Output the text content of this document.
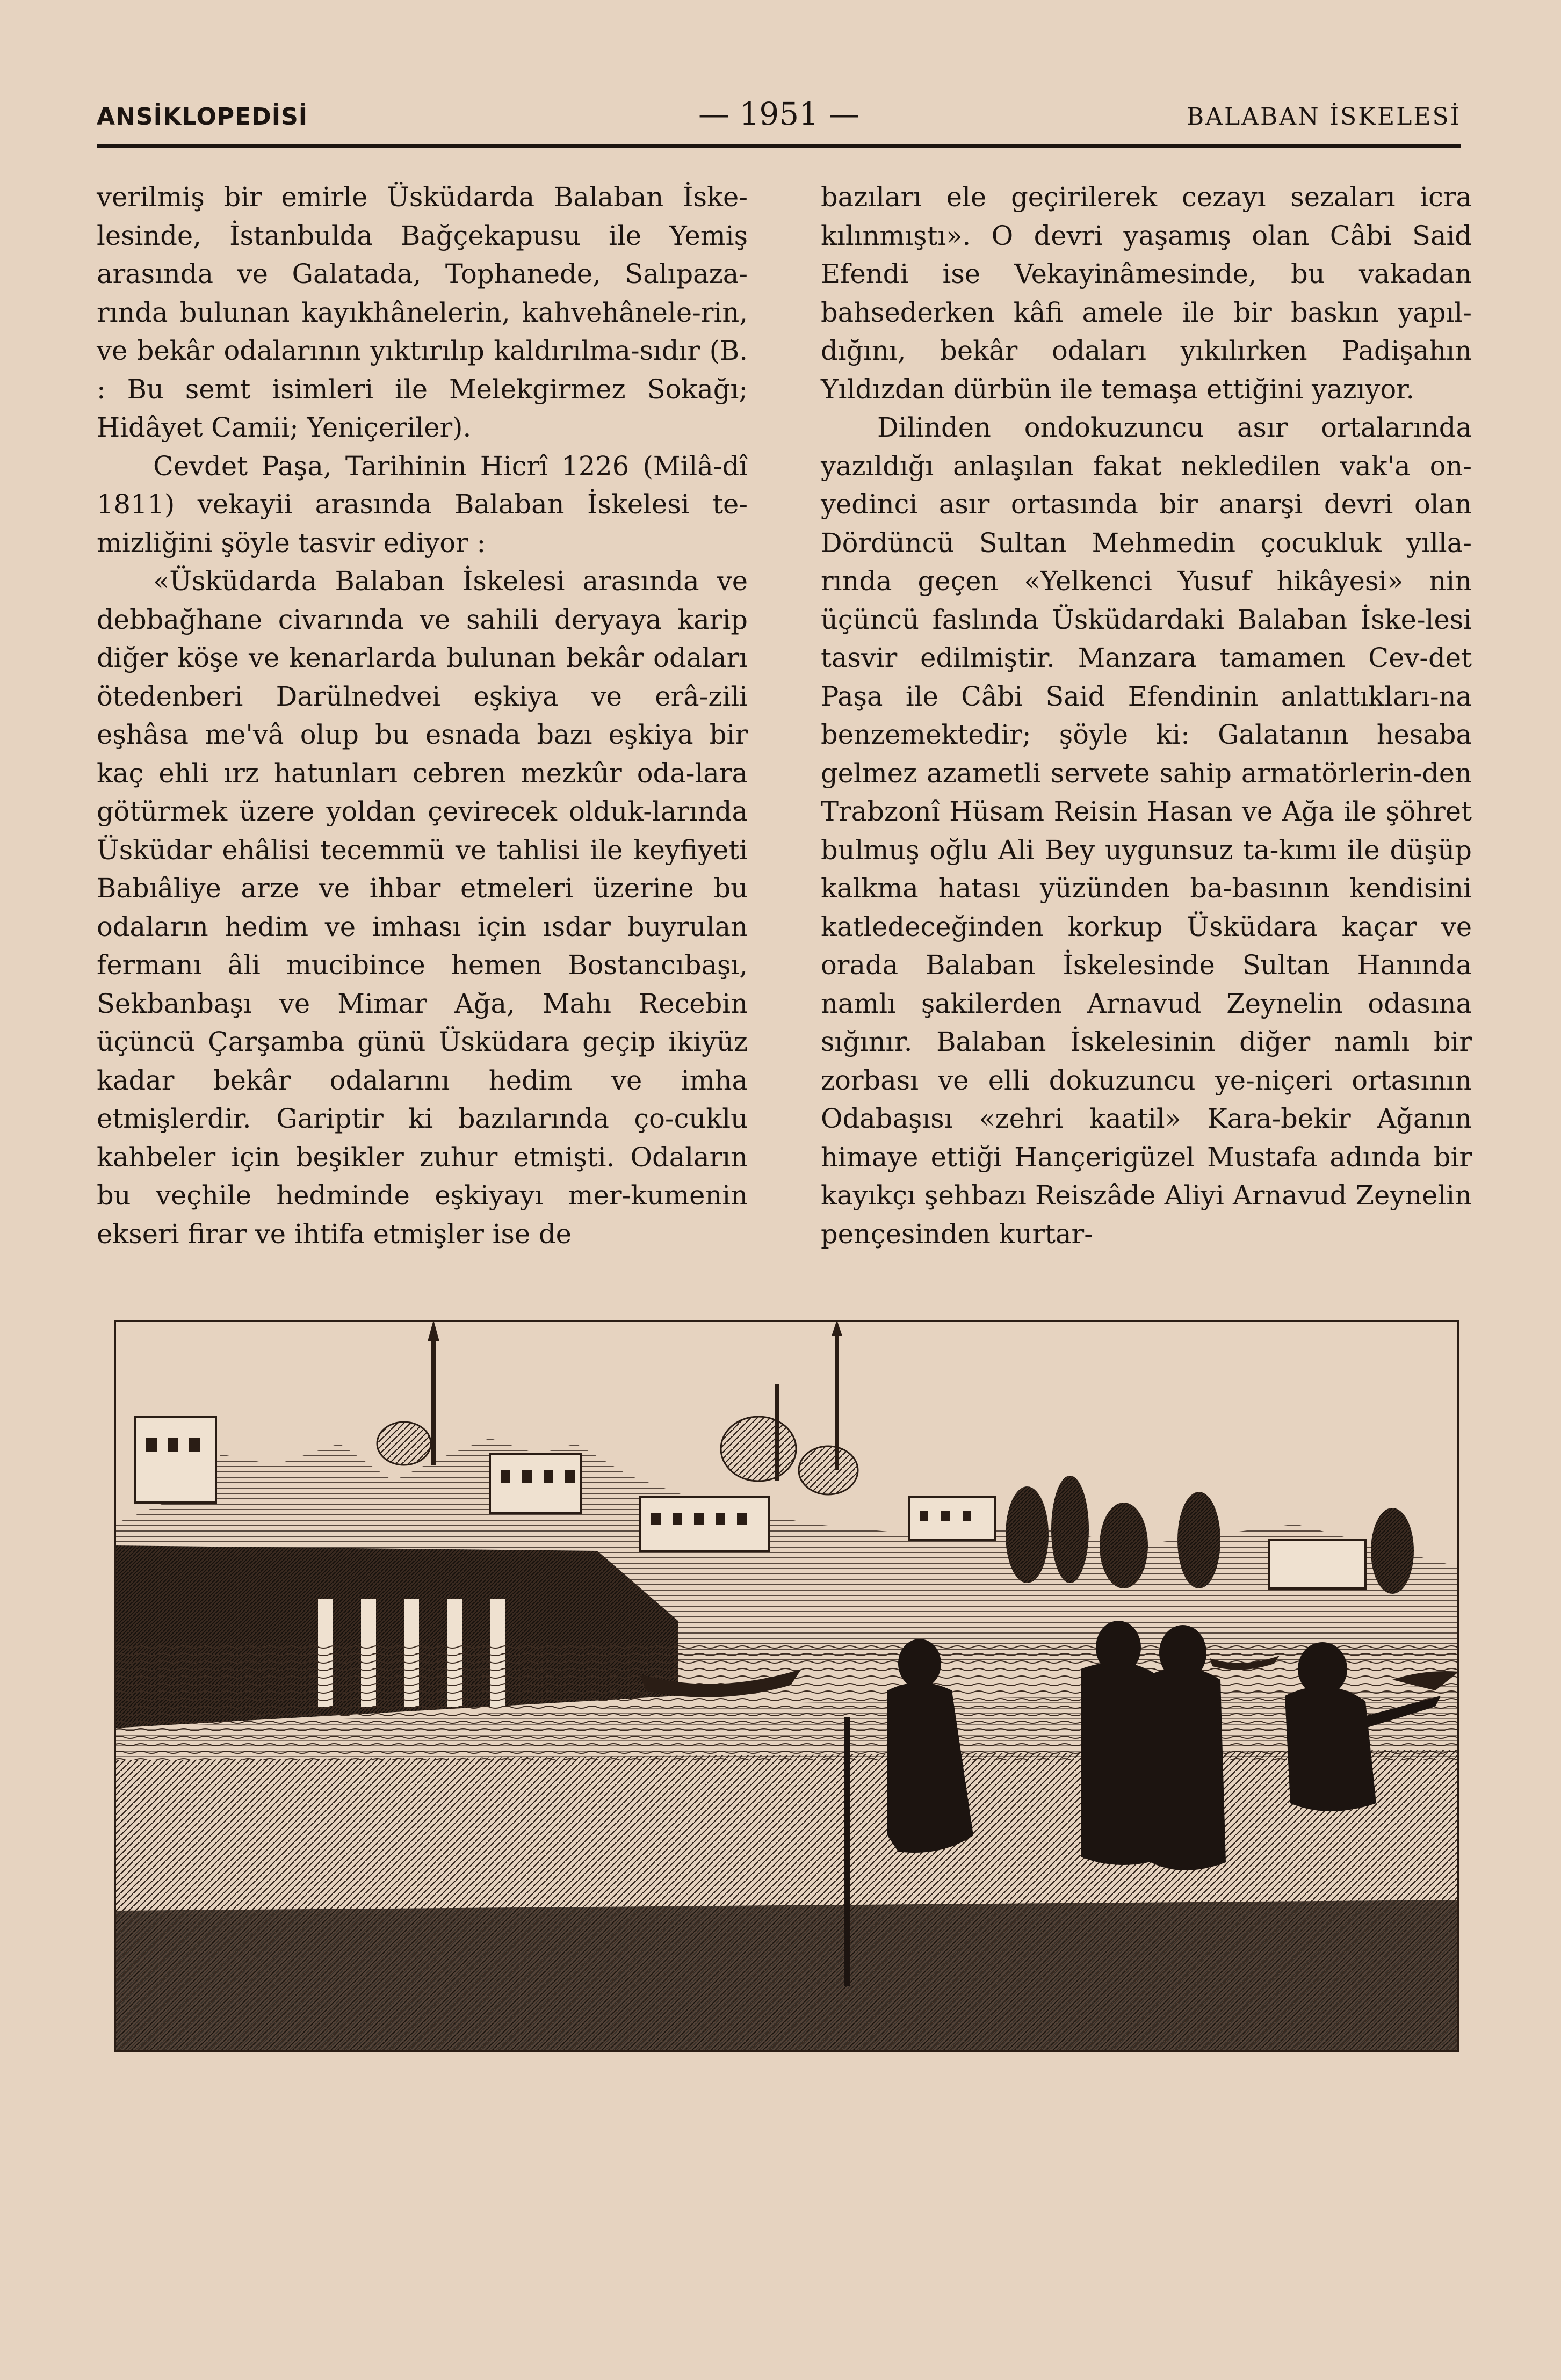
ANSİKLOPEDİSİ	— 1951 —	BALABAN İSKELESİ

verilmiş bir emirle Üsküdarda Balaban İske-lesinde, İstanbulda Bağçekapusu ile Yemiş arasında ve Galatada, Tophanede, Salıpaza-rında bulunan kayıkhânelerin, kahvehânele-rin, ve bekâr odalarının yıktırılıp kaldırılma-sıdır (B. : Bu semt isimleri ile Melekgirmez Sokağı; Hidâyet Camii; Yeniçeriler).

Cevdet Paşa, Tarihinin Hicrî 1226 (Milâ-dî 1811) vekayii arasında Balaban İskelesi te-mizliğini şöyle tasvir ediyor :

«Üsküdarda Balaban İskelesi arasında ve debbağhane civarında ve sahili deryaya karip diğer köşe ve kenarlarda bulunan bekâr odaları ötedenberi Darülnedvei eşkiya ve erâ-zili eşhâsa me'vâ olup bu esnada bazı eşkiya bir kaç ehli ırz hatunları cebren mezkûr oda-lara götürmek üzere yoldan çevirecek olduk-larında Üsküdar ehâlisi tecemmü ve tahlisi ile keyfiyeti Babıâliye arze ve ihbar etmeleri üzerine bu odaların hedim ve imhası için ısdar buyrulan fermanı âli mucibince hemen Bostancıbaşı, Sekbanbaşı ve Mimar Ağa, Mahı Recebin üçüncü Çarşamba günü Üsküdara geçip ikiyüz kadar bekâr odalarını hedim ve imha etmişlerdir. Gariptir ki bazılarında ço-cuklu kahbeler için beşikler zuhur etmişti. Odaların bu veçhile hedminde eşkiyayı mer-kumenin ekseri firar ve ihtifa etmişler ise de

bazıları ele geçirilerek cezayı sezaları icra kılınmıştı». O devri yaşamış olan Câbi Said Efendi ise Vekayinâmesinde, bu vakadan bahsederken kâfi amele ile bir baskın yapıl-dığını, bekâr odaları yıkılırken Padişahın Yıldızdan dürbün ile temaşa ettiğini yazıyor.

Dilinden ondokuzuncu asır ortalarında yazıldığı anlaşılan fakat nekledilen vak'a on-yedinci asır ortasında bir anarşi devri olan Dördüncü Sultan Mehmedin çocukluk yılla-rında geçen «Yelkenci Yusuf hikâyesi» nin üçüncü faslında Üsküdardaki Balaban İske-lesi tasvir edilmiştir. Manzara tamamen Cev-det Paşa ile Câbi Said Efendinin anlattıkları-na benzemektedir; şöyle ki: Galatanın hesaba gelmez azametli servete sahip armatörlerin-den Trabzonî Hüsam Reisin Hasan ve Ağa ile şöhret bulmuş oğlu Ali Bey uygunsuz ta-kımı ile düşüp kalkma hatası yüzünden ba-basının kendisini katledeceğinden korkup Üsküdara kaçar ve orada Balaban İskelesinde Sultan Hanında namlı şakilerden Arnavud Zeynelin odasına sığınır. Balaban İskelesinin diğer namlı bir zorbası ve elli dokuzuncu ye-niçeri ortasının Odabaşısı «zehri kaatil» Kara-bekir Ağanın himaye ettiği Hançerigüzel Mustafa adında bir kayıkçı şehbazı Reiszâde Aliyi Arnavud Zeynelin pençesinden kurtar-
